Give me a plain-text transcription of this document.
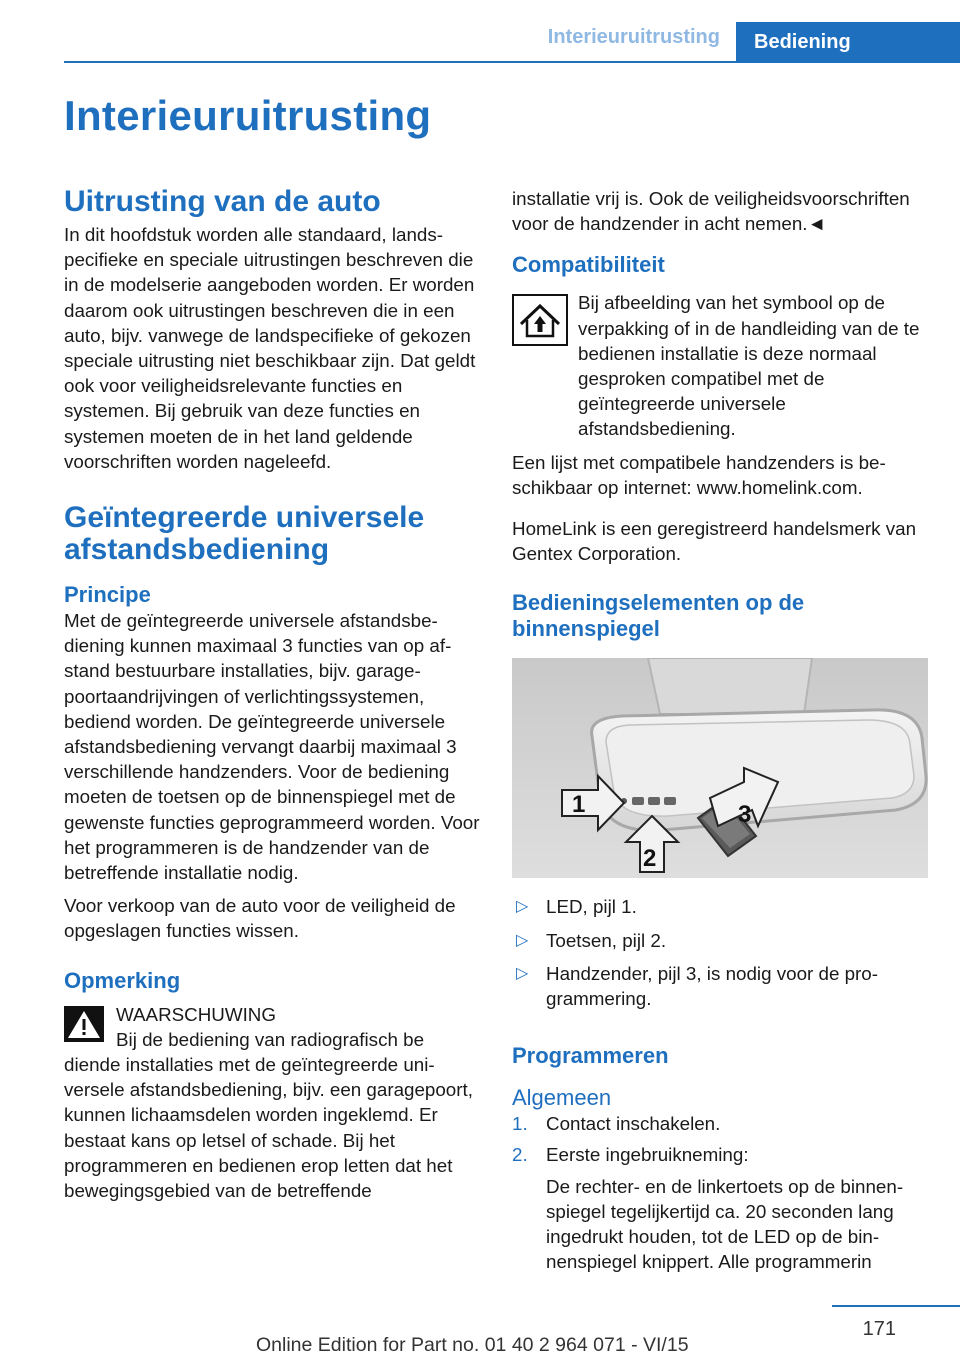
Interieuruitrusting	Bediening
Interieuruitrusting
Uitrusting van de auto

In dit hoofdstuk worden alle standaard, landspecifieke en speciale uitrustingen beschreven die in de modelserie aangeboden worden. Er worden daarom ook uitrustingen beschreven die in een auto, bijv. vanwege de landspecifieke of gekozen speciale uitrusting niet beschikbaar zijn. Dat geldt ook voor veiligheidsrelevante functies en systemen. Bij gebruik van deze functies en systemen moeten de in het land geldende voorschriften worden nageleefd.

Geïntegreerde universele afstandsbediening
Principe

Met de geïntegreerde universele afstandsbediening kunnen maximaal 3 functies van op afstand bestuurbare installaties, bijv. garagepoortaandrijvingen of verlichtingssystemen, bediend worden. De geïntegreerde universele afstandsbediening vervangt daarbij maximaal 3 verschillende handzenders. Voor de bediening moeten de toetsen op de binnenspiegel met de gewenste functies geprogrammeerd worden. Voor het programmeren is de handzender van de betreffende installatie nodig.

Voor verkoop van de auto voor de veiligheid de opgeslagen functies wissen.

Opmerking

WAARSCHUWING

Bij de bediening van radiografisch be

diende installaties met de geïntegreerde universele afstandsbediening, bijv. een garagepoort, kunnen lichaamsdelen worden ingeklemd. Er bestaat kans op letsel of schade. Bij het programmeren en bedienen erop letten dat het bewegingsgebied van de betreffende

installatie vrij is. Ook de veiligheidsvoorschriften voor de handzender in acht nemen.◄

Compatibiliteit

Bij afbeelding van het symbool op de verpakking of in de handleiding van de te bedienen installatie is deze normaal gesproken compatibel met de geïntegreerde universele afstandsbediening.

Een lijst met compatibele handzenders is beschikbaar op internet: www.homelink.com.

HomeLink is een geregistreerd handelsmerk van Gentex Corporation.

Bedieningselementen op de binnenspiegel
1
2
3
▷ LED, pijl 1.
▷ Toetsen, pijl 2.
▷ Handzender, pijl 3, is nodig voor de programmering.
Programmeren
Algemeen
1. Contact inschakelen.
2. Eerste ingebruikneming:

De rechter- en de linkertoets op de binnenspiegel tegelijkertijd ca. 20 seconden lang ingedrukt houden, tot de LED op de binnenspiegel knippert. Alle programmerin

171
Online Edition for Part no. 01 40 2 964 071 - VI/15
